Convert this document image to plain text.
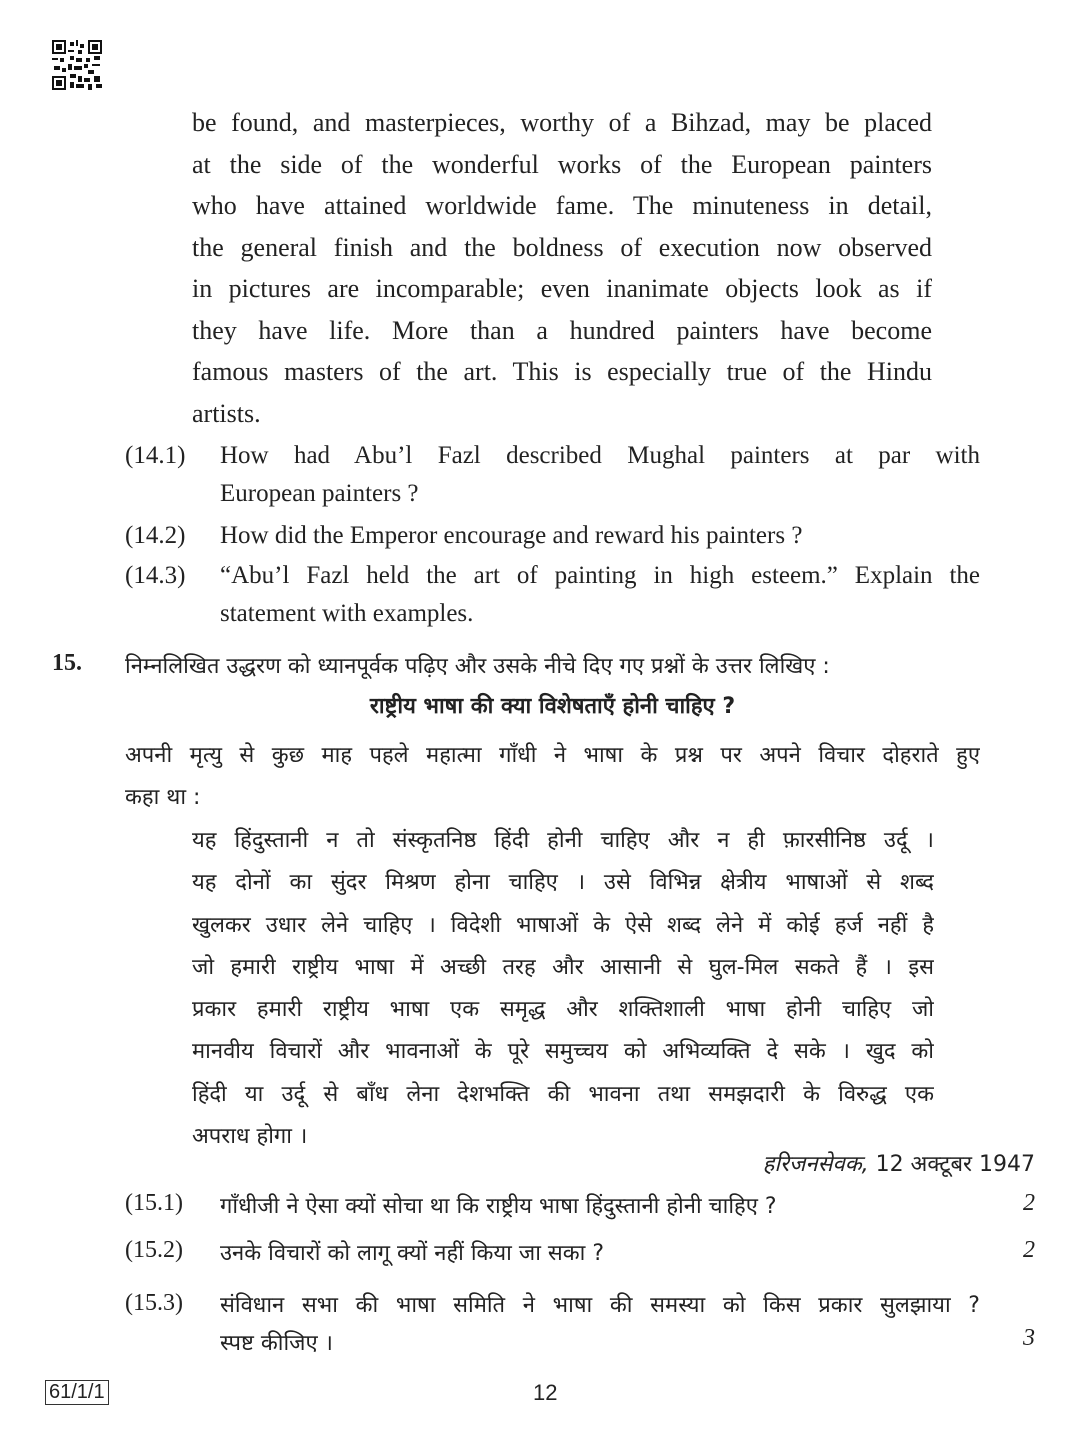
be found, and masterpieces, worthy of a Bihzad, may be placed
at the side of the wonderful works of the European painters
who have attained worldwide fame. The minuteness in detail,
the general finish and the boldness of execution now observed
in pictures are incomparable; even inanimate objects look as if
they have life. More than a hundred painters have become
famous masters of the art. This is especially true of the Hindu
artists.
(14.1) How had Abu’l Fazl described Mughal painters at par with
European painters ?
(14.2) How did the Emperor encourage and reward his painters ?
(14.3) “Abu’l Fazl held the art of painting in high esteem.” Explain the
statement with examples.
15. निम्नलिखित उद्धरण को ध्यानपूर्वक पढ़िए और उसके नीचे दिए गए प्रश्नों के उत्तर लिखिए :
राष्ट्रीय भाषा की क्या विशेषताएँ होनी चाहिए ?
अपनी मृत्यु से कुछ माह पहले महात्मा गाँधी ने भाषा के प्रश्न पर अपने विचार दोहराते हुए
कहा था :
यह हिंदुस्तानी न तो संस्कृतनिष्ठ हिंदी होनी चाहिए और न ही फ़ारसीनिष्ठ उर्दू ।
यह दोनों का सुंदर मिश्रण होना चाहिए । उसे विभिन्न क्षेत्रीय भाषाओं से शब्द
खुलकर उधार लेने चाहिए । विदेशी भाषाओं के ऐसे शब्द लेने में कोई हर्ज नहीं है
जो हमारी राष्ट्रीय भाषा में अच्छी तरह और आसानी से घुल-मिल सकते हैं । इस
प्रकार हमारी राष्ट्रीय भाषा एक समृद्ध और शक्तिशाली भाषा होनी चाहिए जो
मानवीय विचारों और भावनाओं के पूरे समुच्चय को अभिव्यक्ति दे सके । खुद को
हिंदी या उर्दू से बाँध लेना देशभक्ति की भावना तथा समझदारी के विरुद्ध एक
अपराध होगा ।
हरिजनसेवक, 12 अक्टूबर 1947
(15.1) गाँधीजी ने ऐसा क्यों सोचा था कि राष्ट्रीय भाषा हिंदुस्तानी होनी चाहिए ?	2
(15.2) उनके विचारों को लागू क्यों नहीं किया जा सका ?	2
(15.3) संविधान सभा की भाषा समिति ने भाषा की समस्या को किस प्रकार सुलझाया ?
स्पष्ट कीजिए ।	3
61/1/1	12
